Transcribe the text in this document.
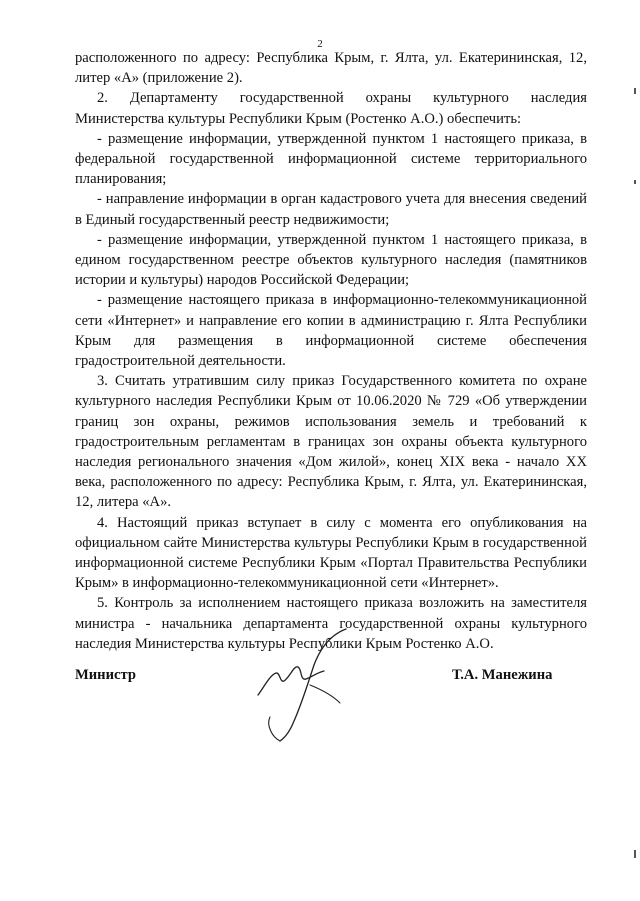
2

расположенного по адресу: Республика Крым, г. Ялта, ул. Екатерининская, 12, литер «А» (приложение 2).

2. Департаменту государственной охраны культурного наследия Министерства культуры Республики Крым (Ростенко А.О.) обеспечить:

- размещение информации, утвержденной пунктом 1 настоящего приказа, в федеральной государственной информационной системе территориального планирования;

- направление информации в орган кадастрового учета для внесения сведений в Единый государственный реестр недвижимости;

- размещение информации, утвержденной пунктом 1 настоящего приказа, в едином государственном реестре объектов культурного наследия (памятников истории и культуры) народов Российской Федерации;

- размещение настоящего приказа в информационно-телекоммуникационной сети «Интернет» и направление его копии в администрацию г. Ялта Республики Крым для размещения в информационной системе обеспечения градостроительной деятельности.

3. Считать утратившим силу приказ Государственного комитета по охране культурного наследия Республики Крым от 10.06.2020 № 729 «Об утверждении границ зон охраны, режимов использования земель и требований к градостроительным регламентам в границах зон охраны объекта культурного наследия регионального значения «Дом жилой», конец XIX века - начало XX века, расположенного по адресу: Республика Крым, г. Ялта, ул. Екатерининская, 12, литера «А».

4. Настоящий приказ вступает в силу с момента его опубликования на официальном сайте Министерства культуры Республики Крым в государственной информационной системе Республики Крым «Портал Правительства Республики Крым» в информационно-телекоммуникационной сети «Интернет».

5. Контроль за исполнением настоящего приказа возложить на заместителя министра - начальника департамента государственной охраны культурного наследия Министерства культуры Республики Крым Ростенко А.О.

Министр	Т.А. Манежина
